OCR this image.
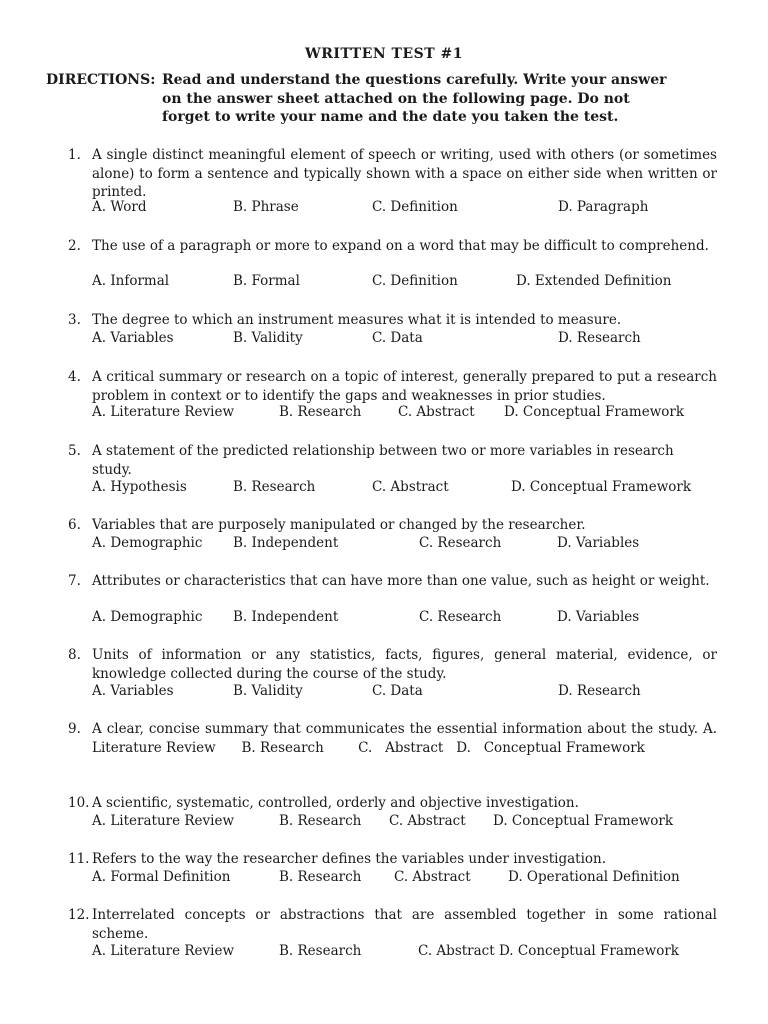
WRITTEN TEST #1
DIRECTIONS: Read and understand the questions carefully. Write your answer
on the answer sheet attached on the following page. Do not
forget to write your name and the date you taken the test.
1. A single distinct meaningful element of speech or writing, used with others (or sometimes alone) to form a sentence and typically shown with a space on either side when written or printed.
A. Word	B. Phrase	C. Definition	D. Paragraph
2. The use of a paragraph or more to expand on a word that may be difficult to comprehend.
A. Informal	B. Formal	C. Definition	D. Extended Definition
3. The degree to which an instrument measures what it is intended to measure.
A. Variables	B. Validity	C. Data	D. Research
4. A critical summary or research on a topic of interest, generally prepared to put a research problem in context or to identify the gaps and weaknesses in prior studies.
A. Literature Review	B. Research	C. Abstract D. Conceptual Framework
5. A statement of the predicted relationship between two or more variables in research study.
A. Hypothesis	B. Research	C. Abstract	D. Conceptual Framework
6. Variables that are purposely manipulated or changed by the researcher.
A. Demographic B. Independent	C. Research	D. Variables
7. Attributes or characteristics that can have more than one value, such as height or weight.
A. Demographic B. Independent	C. Research	D. Variables
8. Units of information or any statistics, facts, figures, general material, evidence, or knowledge collected during the course of the study.
A. Variables	B. Validity	C. Data	D. Research
9. A clear, concise summary that communicates the essential information about the study. A. Literature Review      B. Research        C.   Abstract   D.   Conceptual Framework
10. A scientific, systematic, controlled, orderly and objective investigation.
A. Literature Review	B. Research C. Abstract D. Conceptual Framework
11. Refers to the way the researcher defines the variables under investigation.
A. Formal Definition	B. Research C. Abstract	D. Operational Definition
12. Interrelated concepts or abstractions that are assembled together in some rational scheme.
A. Literature Review	B. Research	C. Abstract D. Conceptual Framework
